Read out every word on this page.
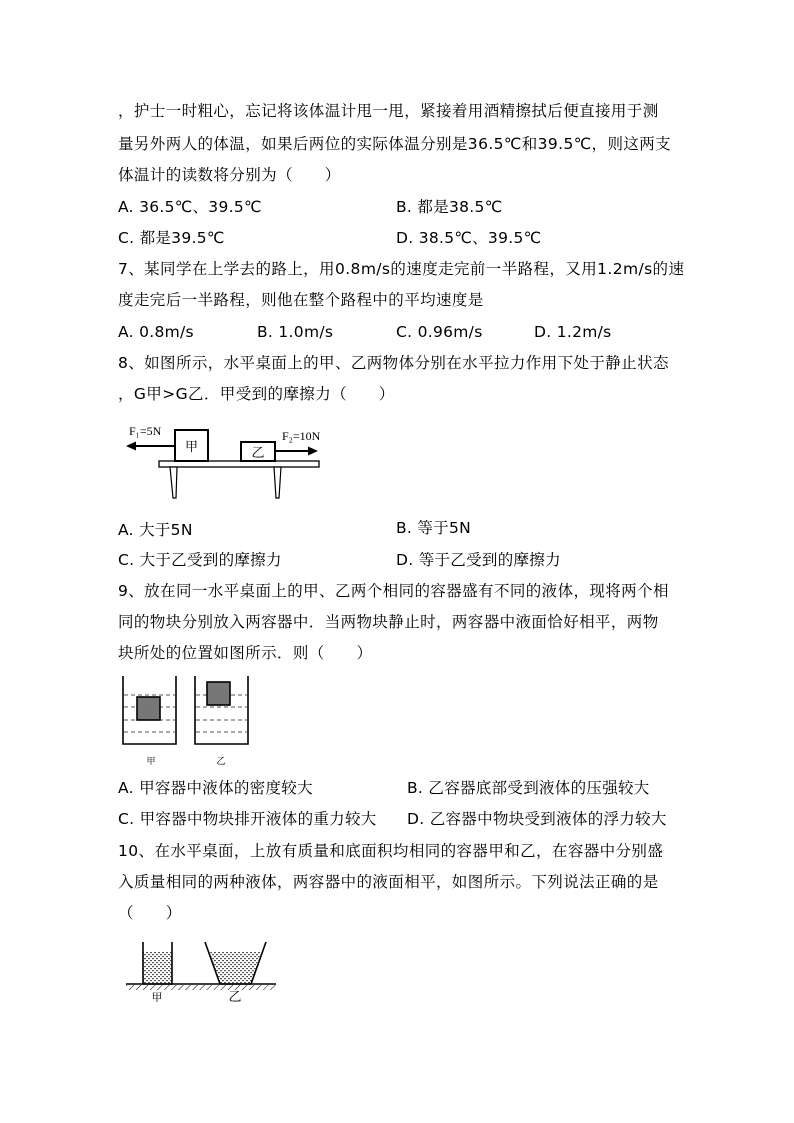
，护士一时粗心，忘记将该体温计甩一甩，紧接着用酒精擦拭后便直接用于测
量另外两人的体温，如果后两位的实际体温分别是36.5℃和39.5℃，则这两支
体温计的读数将分别为（　　）
A. 36.5℃、39.5℃	B. 都是38.5℃
C. 都是39.5℃	D. 38.5℃、39.5℃
7、某同学在上学去的路上，用0.8m/s的速度走完前一半路程，又用1.2m/s的速
度走完后一半路程，则他在整个路程中的平均速度是
A. 0.8m/s	B. 1.0m/s	C. 0.96m/s	D. 1.2m/s
8、如图所示，水平桌面上的甲、乙两物体分别在水平拉力作用下处于静止状态
，G甲>G乙．甲受到的摩擦力（　　）
甲	乙
F₁=5N	F₂=10N
A. 大于5N	B. 等于5N
C. 大于乙受到的摩擦力	D. 等于乙受到的摩擦力
9、放在同一水平桌面上的甲、乙两个相同的容器盛有不同的液体，现将两个相
同的物块分别放入两容器中．当两物块静止时，两容器中液面恰好相平，两物
块所处的位置如图所示．则（　　）
甲	乙
A. 甲容器中液体的密度较大	B. 乙容器底部受到液体的压强较大
C. 甲容器中物块排开液体的重力较大 D. 乙容器中物块受到液体的浮力较大
10、在水平桌面，上放有质量和底面积均相同的容器甲和乙，在容器中分别盛
入质量相同的两种液体，两容器中的液面相平，如图所示。下列说法正确的是
（　　）
甲	乙
